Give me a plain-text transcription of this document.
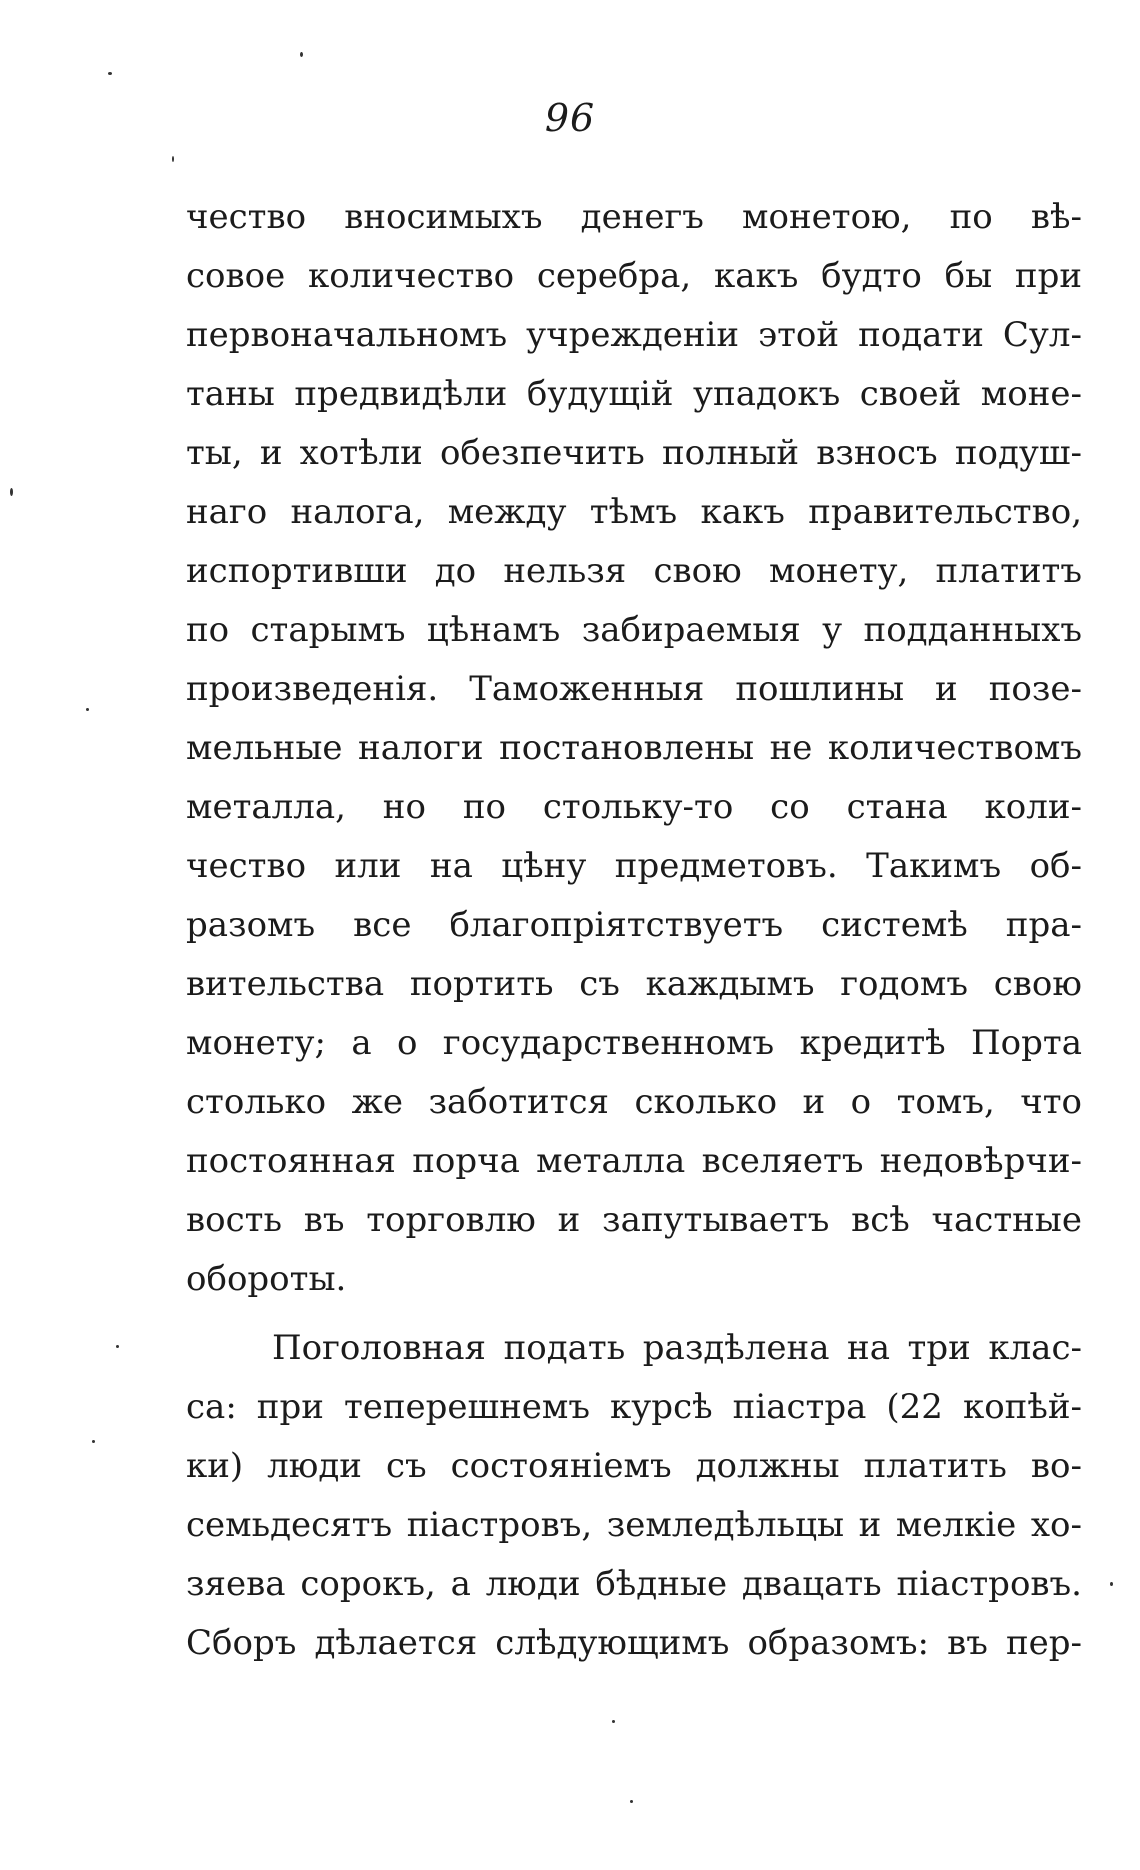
96
чество вносимыхъ денегъ монетою, по вѣ-
совое количество серебра, какъ будто бы при
первоначальномъ учрежденіи этой подати Сул-
таны предвидѣли будущій упадокъ своей моне-
ты, и хотѣли обезпечить полный взносъ подуш-
наго налога, между тѣмъ какъ правительство,
испортивши до нельзя свою монету, платитъ
по старымъ цѣнамъ забираемыя у подданныхъ
произведенія. Таможенныя пошлины и позе-
мельные налоги постановлены не количествомъ
металла, но по стольку-то со стана коли-
чество или на цѣну предметовъ. Такимъ об-
разомъ все благопріятствуетъ системѣ пра-
вительства портить съ каждымъ годомъ свою
монету; а о государственномъ кредитѣ Порта
столько же заботится сколько и о томъ, что
постоянная порча металла вселяетъ недовѣрчи-
вость въ торговлю и запутываетъ всѣ частные
обороты.
Поголовная подать раздѣлена на три клас-
са: при теперешнемъ курсѣ піастра (22 копѣй-
ки) люди съ состояніемъ должны платить во-
семьдесятъ піастровъ, земледѣльцы и мелкіе хо-
зяева сорокъ, а люди бѣдные двацать піастровъ.
Сборъ дѣлается слѣдующимъ образомъ: въ пер-
